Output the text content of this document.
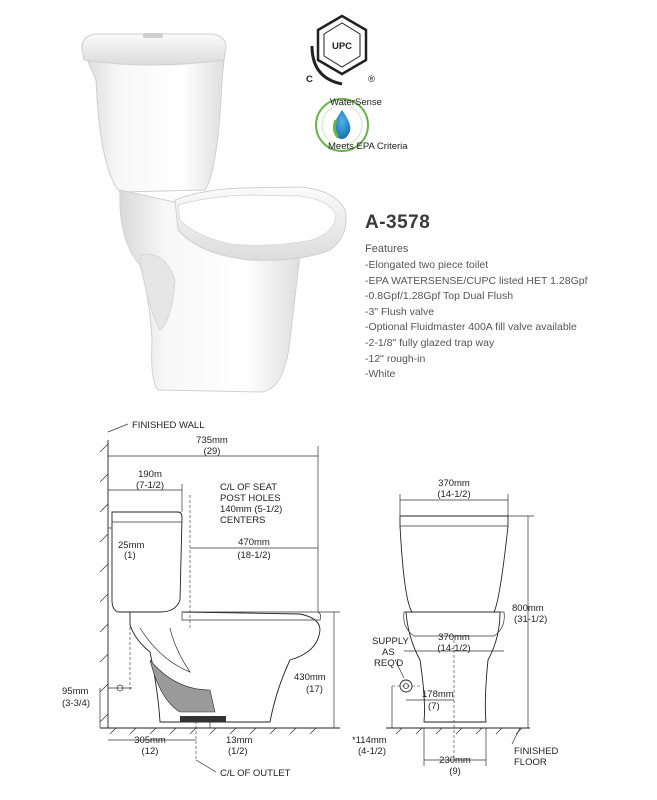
UPC
C	®
WaterSense
Meets EPA Criteria
FINISHED WALL
735mm
(29)
190m
(7-1/2)	C/L OF SEAT
POST HOLES
140mm (5-1/2)
CENTERS
25mm
(1)
470mm
(18-1/2)
430mm
(17)
95mm
(3-3/4)
305mm
(12)
13mm
(1/2)
C/L OF OUTLET
370mm
(14-1/2)
370mm
(14-1/2)
800mm
(31-1/2)
SUPPLY
AS
REQ'D
178mm
(7)
*114mm
(4-1/2)
230mm
(9)
FINISHED
FLOOR
A-3578
Features
-Elongated two piece toilet
-EPA WATERSENSE/CUPC listed HET 1.28Gpf
-0.8Gpf/1.28Gpf Top Dual Flush
-3" Flush valve
-Optional Fluidmaster 400A fill valve available
-2-1/8" fully glazed trap way
-12" rough-in
-White
